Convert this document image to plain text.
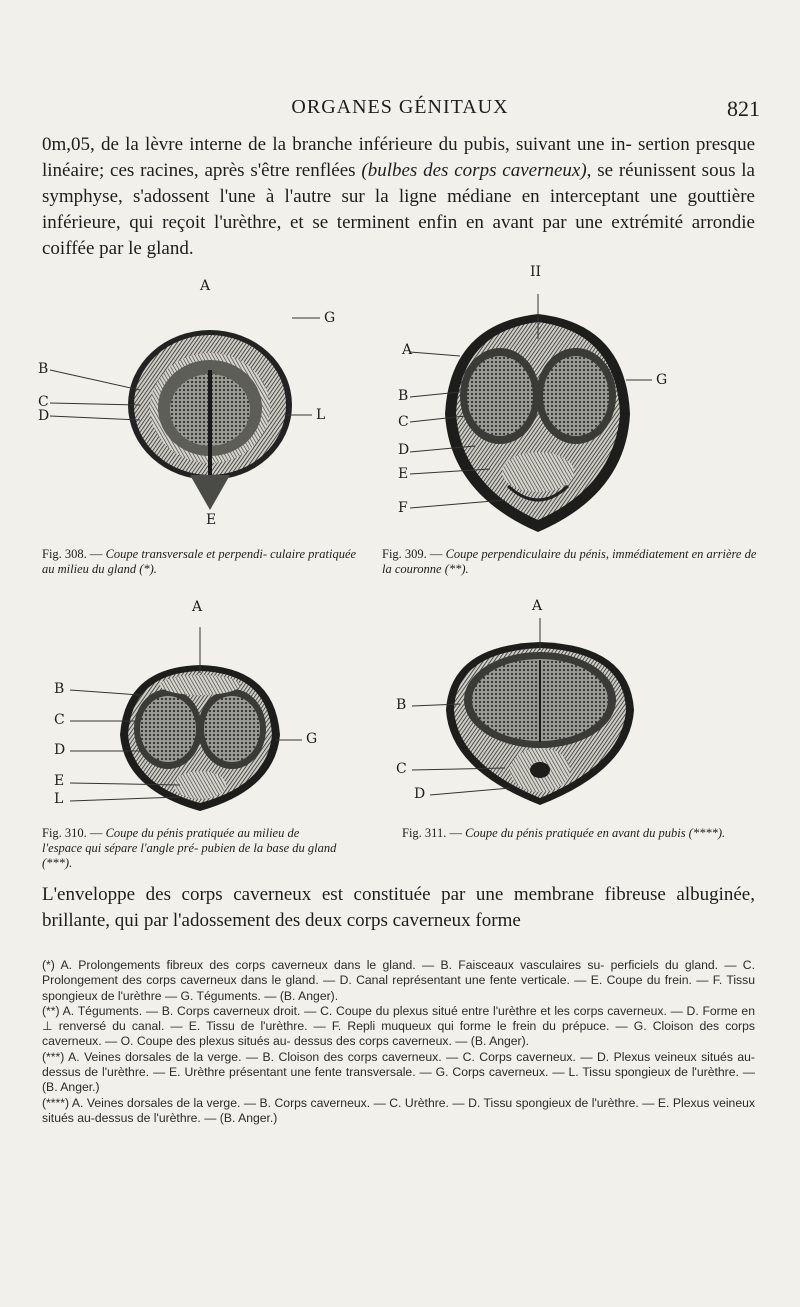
ORGANES GÉNITAUX	821
0m,05, de la lèvre interne de la branche inférieure du pubis, suivant une in- sertion presque linéaire; ces racines, après s'être renflées (bulbes des corps caverneux), se réunissent sous la symphyse, s'adossent l'une à l'autre sur la ligne médiane en interceptant une gouttière inférieure, qui reçoit l'urèthre, et se terminent enfin en avant par une extrémité arrondie coiffée par le gland.
A
G
B
C
D	L
E
Fig. 308. — Coupe transversale et perpendi- culaire pratiquée au milieu du gland (*).
II
A
B
C
D
E
F
G
Fig. 309. — Coupe perpendiculaire du pénis, immédiatement en arrière de la couronne (**).
A
B
C
D
E
L
G
Fig. 310. — Coupe du pénis pratiquée au milieu de l'espace qui sépare l'angle pré- pubien de la base du gland (***).
A
B
C
D
Fig. 311. — Coupe du pénis pratiquée en avant du pubis (****).
L'enveloppe des corps caverneux est constituée par une membrane fibreuse albuginée, brillante, qui par l'adossement des deux corps caverneux forme

(*) A. Prolongements fibreux des corps caverneux dans le gland. — B. Faisceaux vasculaires su- perficiels du gland. — C. Prolongement des corps caverneux dans le gland. — D. Canal représentant une fente verticale. — E. Coupe du frein. — F. Tissu spongieux de l'urèthre — G. Téguments. — (B. Anger).

(**) A. Téguments. — B. Corps caverneux droit. — C. Coupe du plexus situé entre l'urèthre et les corps caverneux. — D. Forme en ⊥ renversé du canal. — E. Tissu de l'urèthre. — F. Repli muqueux qui forme le frein du prépuce. — G. Cloison des corps caverneux. — O. Coupe des plexus situés au- dessus des corps caverneux. — (B. Anger).

(***) A. Veines dorsales de la verge. — B. Cloison des corps caverneux. — C. Corps caverneux. — D. Plexus veineux situés au-dessus de l'urèthre. — E. Urèthre présentant une fente transversale. — G. Corps caverneux. — L. Tissu spongieux de l'urèthre. — (B. Anger.)

(****) A. Veines dorsales de la verge. — B. Corps caverneux. — C. Urèthre. — D. Tissu spongieux de l'urèthre. — E. Plexus veineux situés au-dessus de l'urèthre. — (B. Anger.)
